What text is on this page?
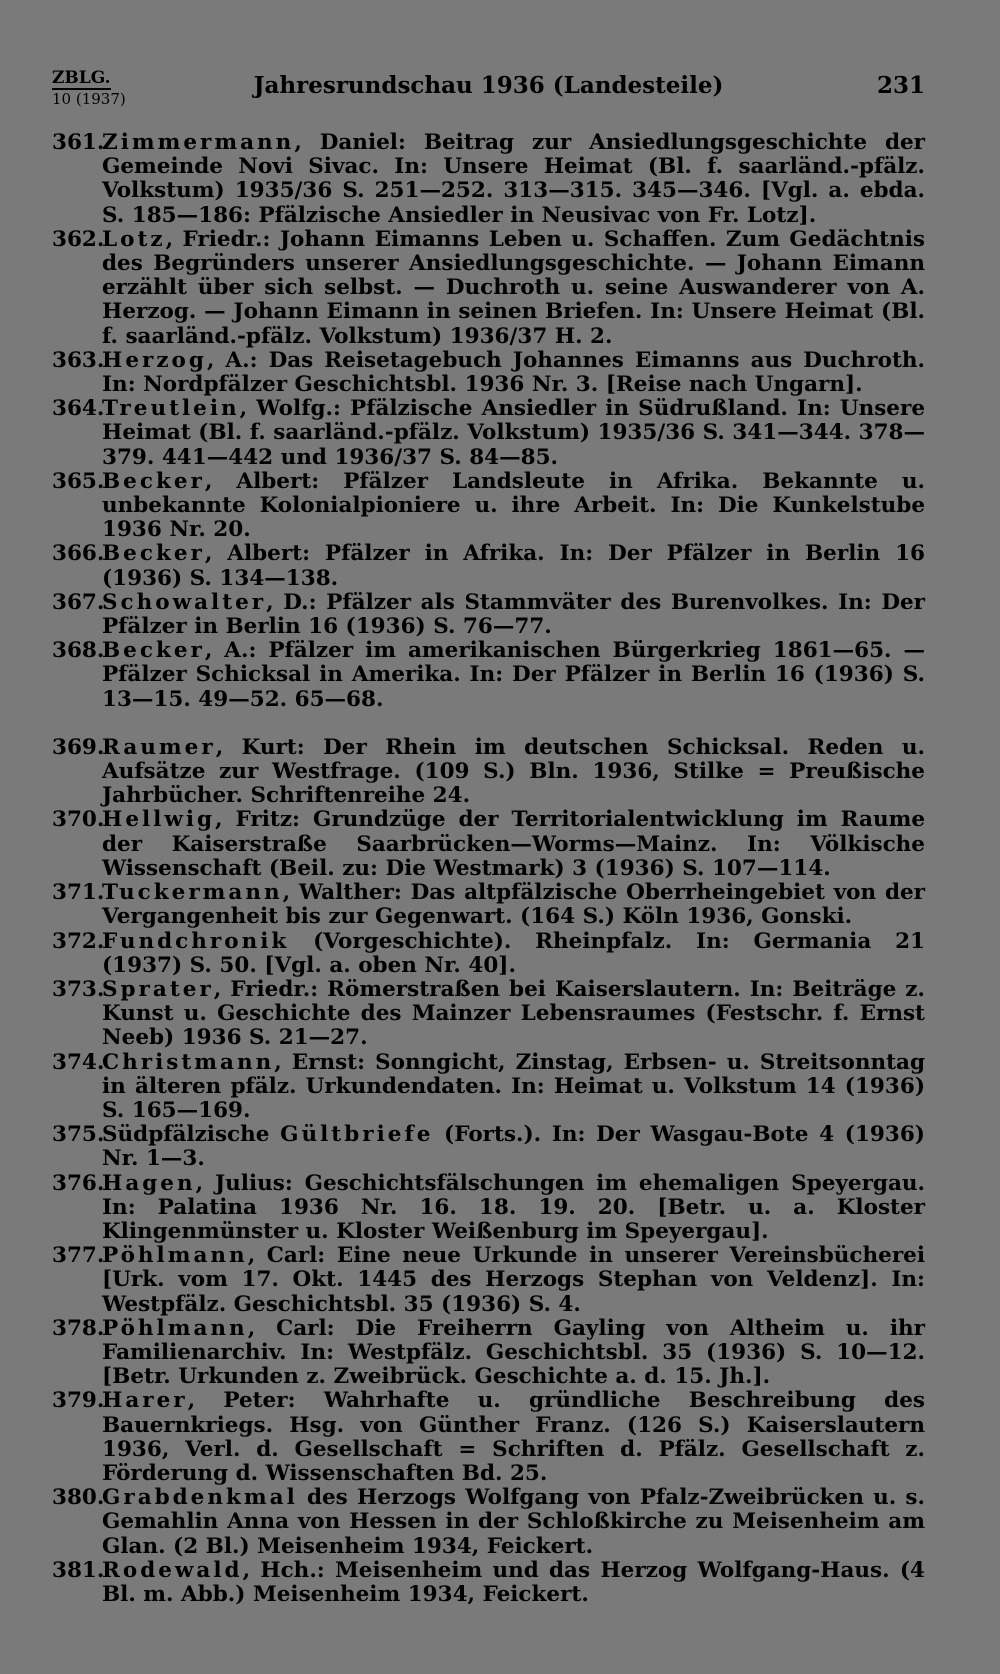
ZBLG.
10 (1937)	Jahresrundschau 1936 (Landesteile)	231
361.
Zimmermann, Daniel: Beitrag zur Ansiedlungsgeschichte der Gemeinde Novi Sivac. In: Unsere Heimat (Bl. f. saarländ.-pfälz. Volkstum) 1935/36 S. 251—252. 313—315. 345—346. [Vgl. a. ebda. S. 185—186: Pfälzische Ansiedler in Neusivac von Fr. Lotz].
362.
Lotz, Friedr.: Johann Eimanns Leben u. Schaffen. Zum Gedächtnis des Begründers unserer Ansiedlungsgeschichte. — Johann Eimann erzählt über sich selbst. — Duchroth u. seine Auswanderer von A. Herzog. — Johann Eimann in seinen Briefen. In: Unsere Heimat (Bl. f. saarländ.-pfälz. Volkstum) 1936/37 H. 2.
363.
Herzog, A.: Das Reisetagebuch Johannes Eimanns aus Duchroth. In: Nordpfälzer Geschichtsbl. 1936 Nr. 3. [Reise nach Ungarn].
364.
Treutlein, Wolfg.: Pfälzische Ansiedler in Südrußland. In: Unsere Heimat (Bl. f. saarländ.-pfälz. Volkstum) 1935/36 S. 341—344. 378—379. 441—442 und 1936/37 S. 84—85.
365.
Becker, Albert: Pfälzer Landsleute in Afrika. Bekannte u. unbekannte Kolonialpioniere u. ihre Arbeit. In: Die Kunkelstube 1936 Nr. 20.
366.
Becker, Albert: Pfälzer in Afrika. In: Der Pfälzer in Berlin 16 (1936) S. 134—138.
367.
Schowalter, D.: Pfälzer als Stammväter des Burenvolkes. In: Der Pfälzer in Berlin 16 (1936) S. 76—77.
368.
Becker, A.: Pfälzer im amerikanischen Bürgerkrieg 1861—65. — Pfälzer Schicksal in Amerika. In: Der Pfälzer in Berlin 16 (1936) S. 13—15. 49—52. 65—68.
369.
Raumer, Kurt: Der Rhein im deutschen Schicksal. Reden u. Aufsätze zur Westfrage. (109 S.) Bln. 1936, Stilke = Preußische Jahrbücher. Schriftenreihe 24.
370.
Hellwig, Fritz: Grundzüge der Territorialentwicklung im Raume der Kaiserstraße Saarbrücken—Worms—Mainz. In: Völkische Wissenschaft (Beil. zu: Die Westmark) 3 (1936) S. 107—114.
371.
Tuckermann, Walther: Das altpfälzische Oberrheingebiet von der Vergangenheit bis zur Gegenwart. (164 S.) Köln 1936, Gonski.
372.
Fundchronik (Vorgeschichte). Rheinpfalz. In: Germania 21 (1937) S. 50. [Vgl. a. oben Nr. 40].
373.
Sprater, Friedr.: Römerstraßen bei Kaiserslautern. In: Beiträge z. Kunst u. Geschichte des Mainzer Lebensraumes (Festschr. f. Ernst Neeb) 1936 S. 21—27.
374.
Christmann, Ernst: Sonngicht, Zinstag, Erbsen- u. Streitsonntag in älteren pfälz. Urkundendaten. In: Heimat u. Volkstum 14 (1936) S. 165—169.
375.
Südpfälzische Gültbriefe (Forts.). In: Der Wasgau-Bote 4 (1936) Nr. 1—3.
376.
Hagen, Julius: Geschichtsfälschungen im ehemaligen Speyergau. In: Palatina 1936 Nr. 16. 18. 19. 20. [Betr. u. a. Kloster Klingenmünster u. Kloster Weißenburg im Speyergau].
377.
Pöhlmann, Carl: Eine neue Urkunde in unserer Vereinsbücherei [Urk. vom 17. Okt. 1445 des Herzogs Stephan von Veldenz]. In: Westpfälz. Geschichtsbl. 35 (1936) S. 4.
378.
Pöhlmann, Carl: Die Freiherrn Gayling von Altheim u. ihr Familienarchiv. In: Westpfälz. Geschichtsbl. 35 (1936) S. 10—12. [Betr. Urkunden z. Zweibrück. Geschichte a. d. 15. Jh.].
379.
Harer, Peter: Wahrhafte u. gründliche Beschreibung des Bauernkriegs. Hsg. von Günther Franz. (126 S.) Kaiserslautern 1936, Verl. d. Gesellschaft = Schriften d. Pfälz. Gesellschaft z. Förderung d. Wissenschaften Bd. 25.
380.
Grabdenkmal des Herzogs Wolfgang von Pfalz-Zweibrücken u. s. Gemahlin Anna von Hessen in der Schloßkirche zu Meisenheim am Glan. (2 Bl.) Meisenheim 1934, Feickert.
381.
Rodewald, Hch.: Meisenheim und das Herzog Wolfgang-Haus. (4 Bl. m. Abb.) Meisenheim 1934, Feickert.
